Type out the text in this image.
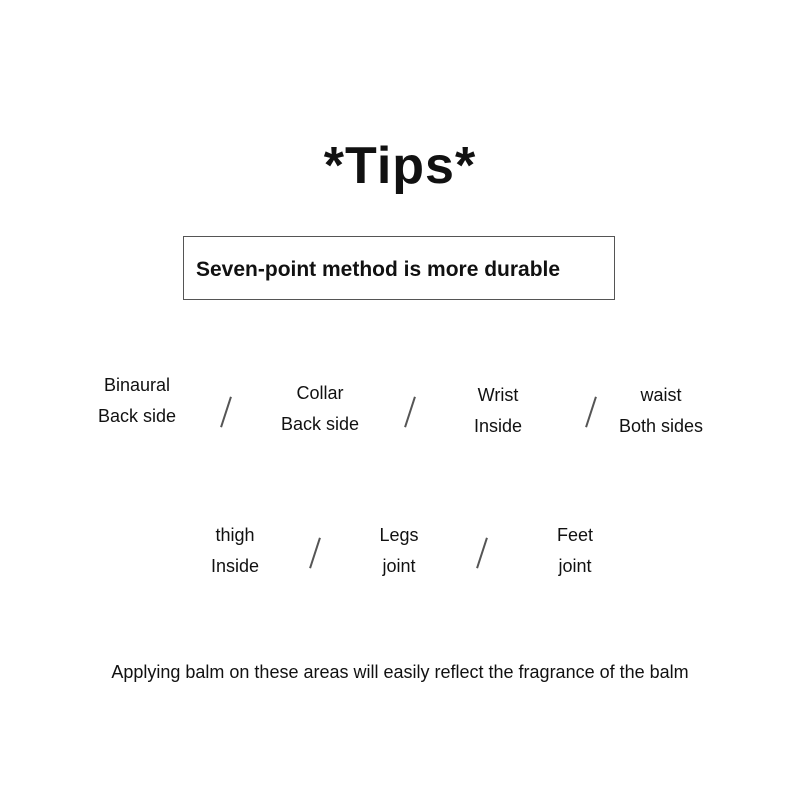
*Tips*
Seven-point method is more durable
Binaural
Back side
Collar
Back side
Wrist
Inside
waist
Both sides
thigh
Inside
Legs
joint
Feet
joint
Applying balm on these areas will easily reflect the fragrance of the balm
